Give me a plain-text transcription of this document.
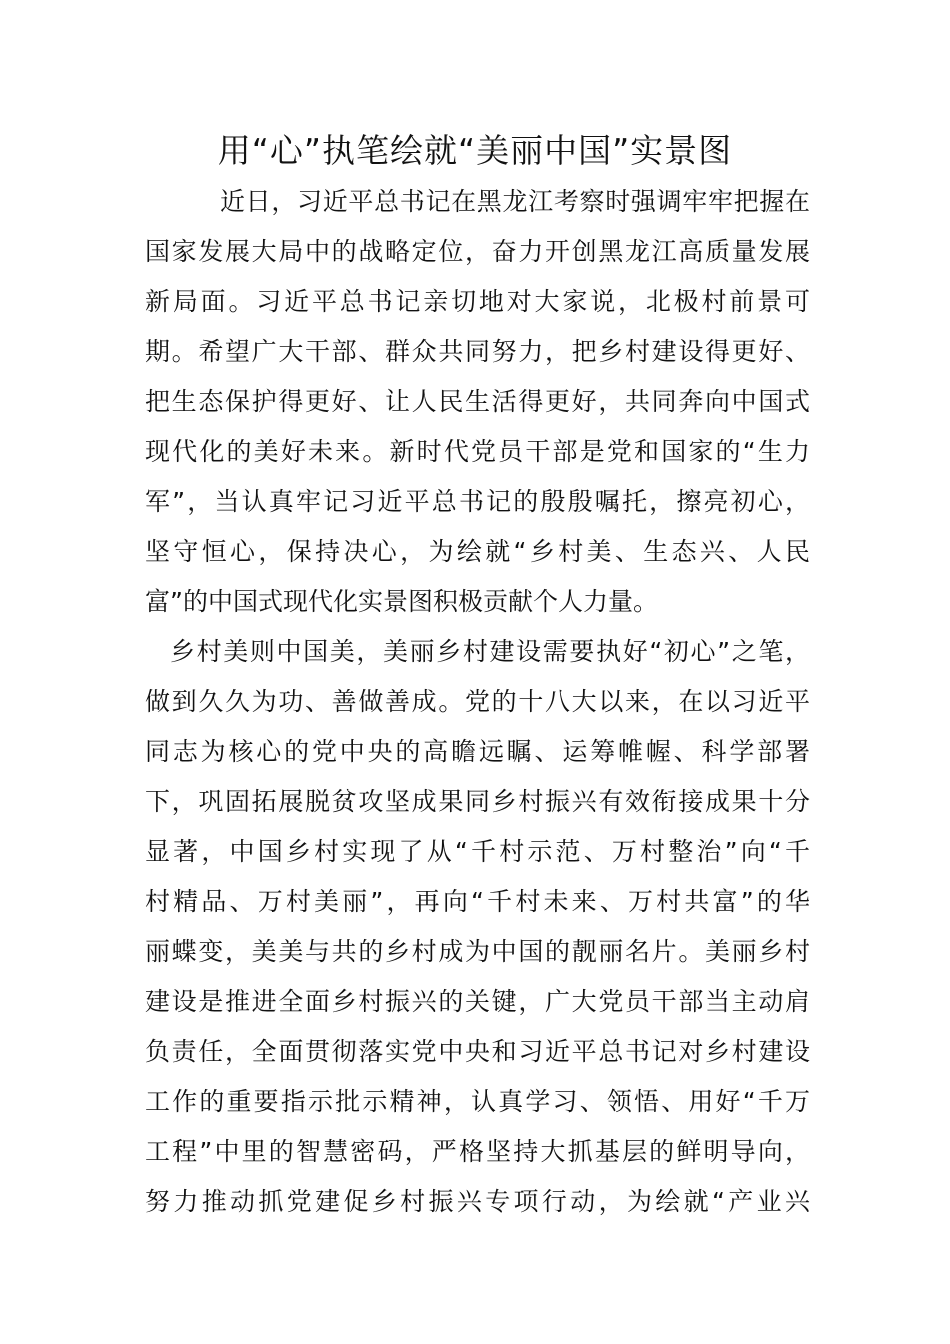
用“心”执笔绘就“美丽中国”实景图
近日，习近平总书记在黑龙江考察时强调牢牢把握在
国家发展大局中的战略定位，奋力开创黑龙江高质量发展
新局面。习近平总书记亲切地对大家说，北极村前景可
期。希望广大干部、群众共同努力，把乡村建设得更好、
把生态保护得更好、让人民生活得更好，共同奔向中国式
现代化的美好未来。新时代党员干部是党和国家的“生力
军”，当认真牢记习近平总书记的殷殷嘱托，擦亮初心，
坚守恒心，保持决心，为绘就“乡村美、生态兴、人民
富”的中国式现代化实景图积极贡献个人力量。
乡村美则中国美，美丽乡村建设需要执好“初心”之笔，
做到久久为功、善做善成。党的十八大以来，在以习近平
同志为核心的党中央的高瞻远瞩、运筹帷幄、科学部署
下，巩固拓展脱贫攻坚成果同乡村振兴有效衔接成果十分
显著，中国乡村实现了从“千村示范、万村整治”向“千
村精品、万村美丽”，再向“千村未来、万村共富”的华
丽蝶变，美美与共的乡村成为中国的靓丽名片。美丽乡村
建设是推进全面乡村振兴的关键，广大党员干部当主动肩
负责任，全面贯彻落实党中央和习近平总书记对乡村建设
工作的重要指示批示精神，认真学习、领悟、用好“千万
工程”中里的智慧密码，严格坚持大抓基层的鲜明导向，
努力推动抓党建促乡村振兴专项行动，为绘就“产业兴
